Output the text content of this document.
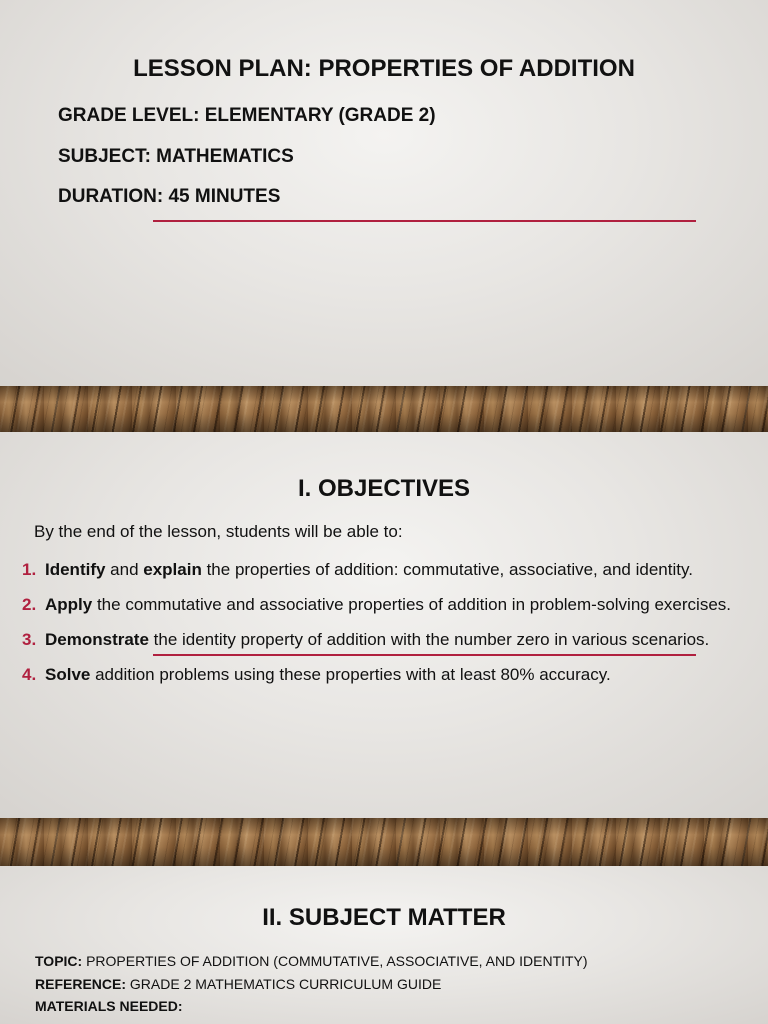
LESSON PLAN: PROPERTIES OF ADDITION
GRADE LEVEL: ELEMENTARY (GRADE 2)
SUBJECT: MATHEMATICS
DURATION: 45 MINUTES
I. OBJECTIVES

By the end of the lesson, students will be able to:

1. Identify and explain the properties of addition: commutative, associative, and identity.
2. Apply the commutative and associative properties of addition in problem-solving exercises.
3. Demonstrate the identity property of addition with the number zero in various scenarios.
4. Solve addition problems using these properties with at least 80% accuracy.
II. SUBJECT MATTER
TOPIC: PROPERTIES OF ADDITION (COMMUTATIVE, ASSOCIATIVE, AND IDENTITY)
REFERENCE: GRADE 2 MATHEMATICS CURRICULUM GUIDE
MATERIALS NEEDED:
